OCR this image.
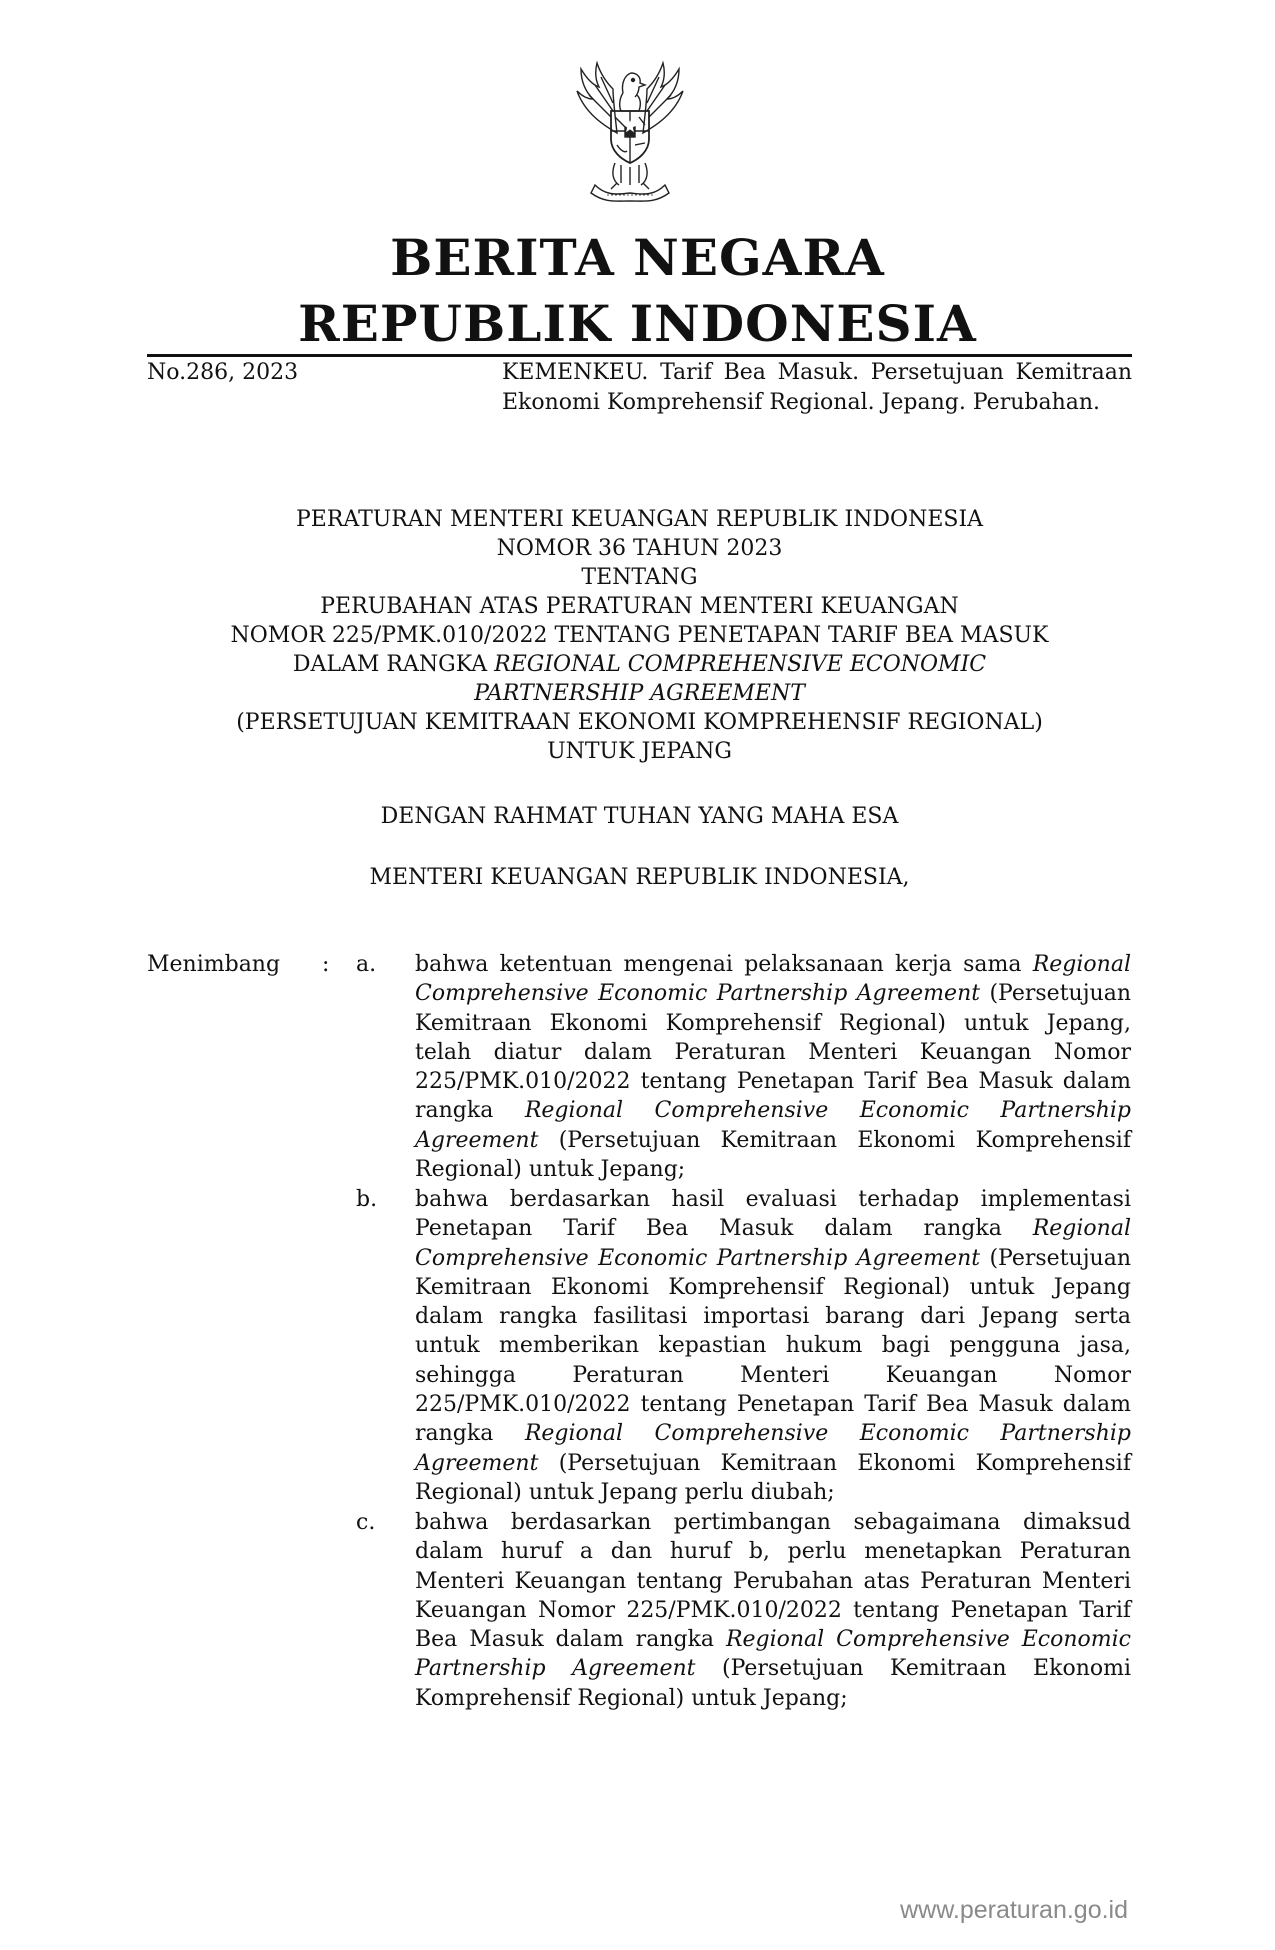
BERITA NEGARA
REPUBLIK INDONESIA
No.286, 2023	KEMENKEU. Tarif Bea Masuk. Persetujuan Kemitraan Ekonomi Komprehensif Regional. Jepang. Perubahan.
PERATURAN MENTERI KEUANGAN REPUBLIK INDONESIA
NOMOR 36 TAHUN 2023
TENTANG
PERUBAHAN ATAS PERATURAN MENTERI KEUANGAN
NOMOR 225/PMK.010/2022 TENTANG PENETAPAN TARIF BEA MASUK
DALAM RANGKA REGIONAL COMPREHENSIVE ECONOMIC
PARTNERSHIP AGREEMENT
(PERSETUJUAN KEMITRAAN EKONOMI KOMPREHENSIF REGIONAL)
UNTUK JEPANG
DENGAN RAHMAT TUHAN YANG MAHA ESA
MENTERI KEUANGAN REPUBLIK INDONESIA,
Menimbang : a. bahwa ketentuan mengenai pelaksanaan kerja sama Regional Comprehensive Economic Partnership Agreement (Persetujuan Kemitraan Ekonomi Komprehensif Regional) untuk Jepang, telah diatur dalam Peraturan Menteri Keuangan Nomor 225/PMK.010/2022 tentang Penetapan Tarif Bea Masuk dalam rangka Regional Comprehensive Economic Partnership Agreement (Persetujuan Kemitraan Ekonomi Komprehensif Regional) untuk Jepang;
b. bahwa berdasarkan hasil evaluasi terhadap implementasi Penetapan Tarif Bea Masuk dalam rangka Regional Comprehensive Economic Partnership Agreement (Persetujuan Kemitraan Ekonomi Komprehensif Regional) untuk Jepang dalam rangka fasilitasi importasi barang dari Jepang serta untuk memberikan kepastian hukum bagi pengguna jasa, sehingga Peraturan Menteri Keuangan Nomor 225/PMK.010/2022 tentang Penetapan Tarif Bea Masuk dalam rangka Regional Comprehensive Economic Partnership Agreement (Persetujuan Kemitraan Ekonomi Komprehensif Regional) untuk Jepang perlu diubah;
c. bahwa berdasarkan pertimbangan sebagaimana dimaksud dalam huruf a dan huruf b, perlu menetapkan Peraturan Menteri Keuangan tentang Perubahan atas Peraturan Menteri Keuangan Nomor 225/PMK.010/2022 tentang Penetapan Tarif Bea Masuk dalam rangka Regional Comprehensive Economic Partnership Agreement (Persetujuan Kemitraan Ekonomi Komprehensif Regional) untuk Jepang;
www.peraturan.go.id
